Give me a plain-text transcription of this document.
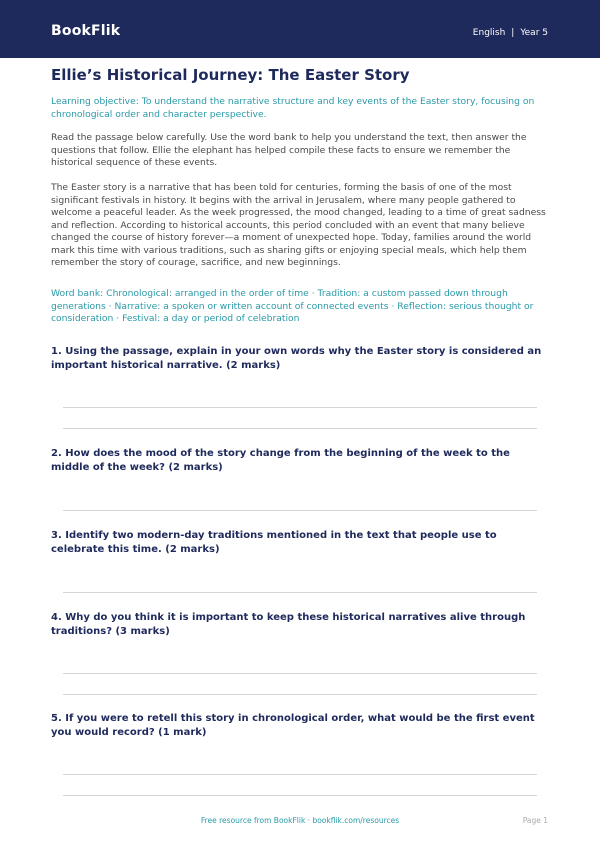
BookFlik	English | Year 5
Ellie’s Historical Journey: The Easter Story

Learning objective: To understand the narrative structure and key events of the Easter story, focusing on chronological order and character perspective.

Read the passage below carefully. Use the word bank to help you understand the text, then answer the questions that follow. Ellie the elephant has helped compile these facts to ensure we remember the historical sequence of these events.

The Easter story is a narrative that has been told for centuries, forming the basis of one of the most significant festivals in history. It begins with the arrival in Jerusalem, where many people gathered to welcome a peaceful leader. As the week progressed, the mood changed, leading to a time of great sadness and reflection. According to historical accounts, this period concluded with an event that many believe changed the course of history forever—a moment of unexpected hope. Today, families around the world mark this time with various traditions, such as sharing gifts or enjoying special meals, which help them remember the story of courage, sacrifice, and new beginnings.

Word bank: Chronological: arranged in the order of time · Tradition: a custom passed down through generations · Narrative: a spoken or written account of connected events · Reflection: serious thought or consideration · Festival: a day or period of celebration

1. Using the passage, explain in your own words why the Easter story is considered an important historical narrative. (2 marks)

2. How does the mood of the story change from the beginning of the week to the middle of the week? (2 marks)

3. Identify two modern-day traditions mentioned in the text that people use to celebrate this time. (2 marks)

4. Why do you think it is important to keep these historical narratives alive through traditions? (3 marks)

5. If you were to retell this story in chronological order, what would be the first event you would record? (1 mark)

Free resource from BookFlik · bookflik.com/resources	Page 1
